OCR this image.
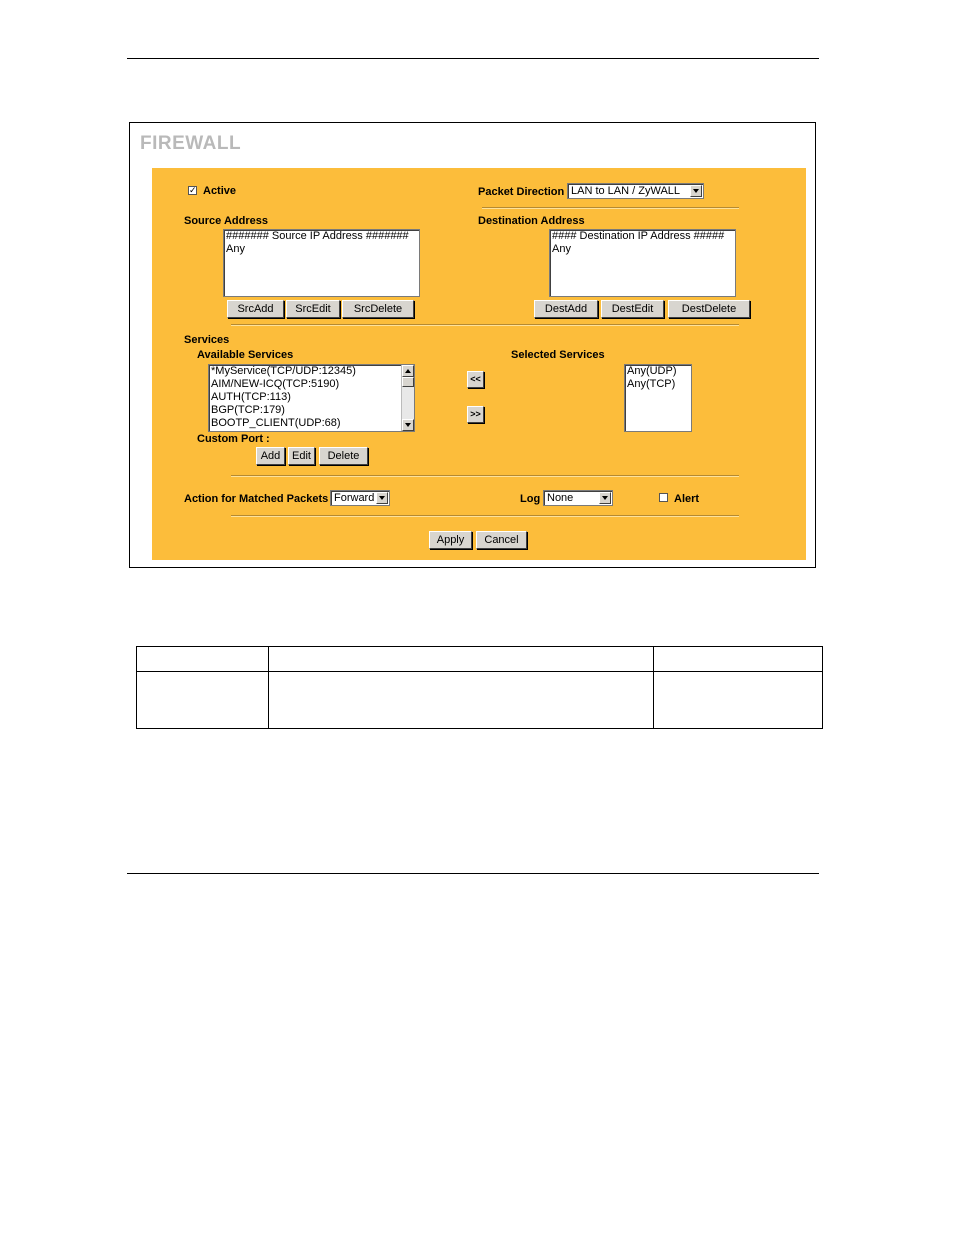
FIREWALL
✓ Active	Packet Direction LAN to LAN / ZyWALL
Source Address
####### Source IP Address #######
Any
SrcAdd	SrcEdit	SrcDelete
Destination Address
#### Destination IP Address #####
Any
DestAdd	DestEdit	DestDelete
Services
Available Services
*MyService(TCP/UDP:12345)
AIM/NEW-ICQ(TCP:5190)
AUTH(TCP:113)
BGP(TCP:179)
BOOTP_CLIENT(UDP:68)
<<
>>
Selected Services
Any(UDP)
Any(TCP)
Custom Port :
Add	Edit	Delete
Action for Matched Packets Forward	Log None	Alert
Apply	Cancel
